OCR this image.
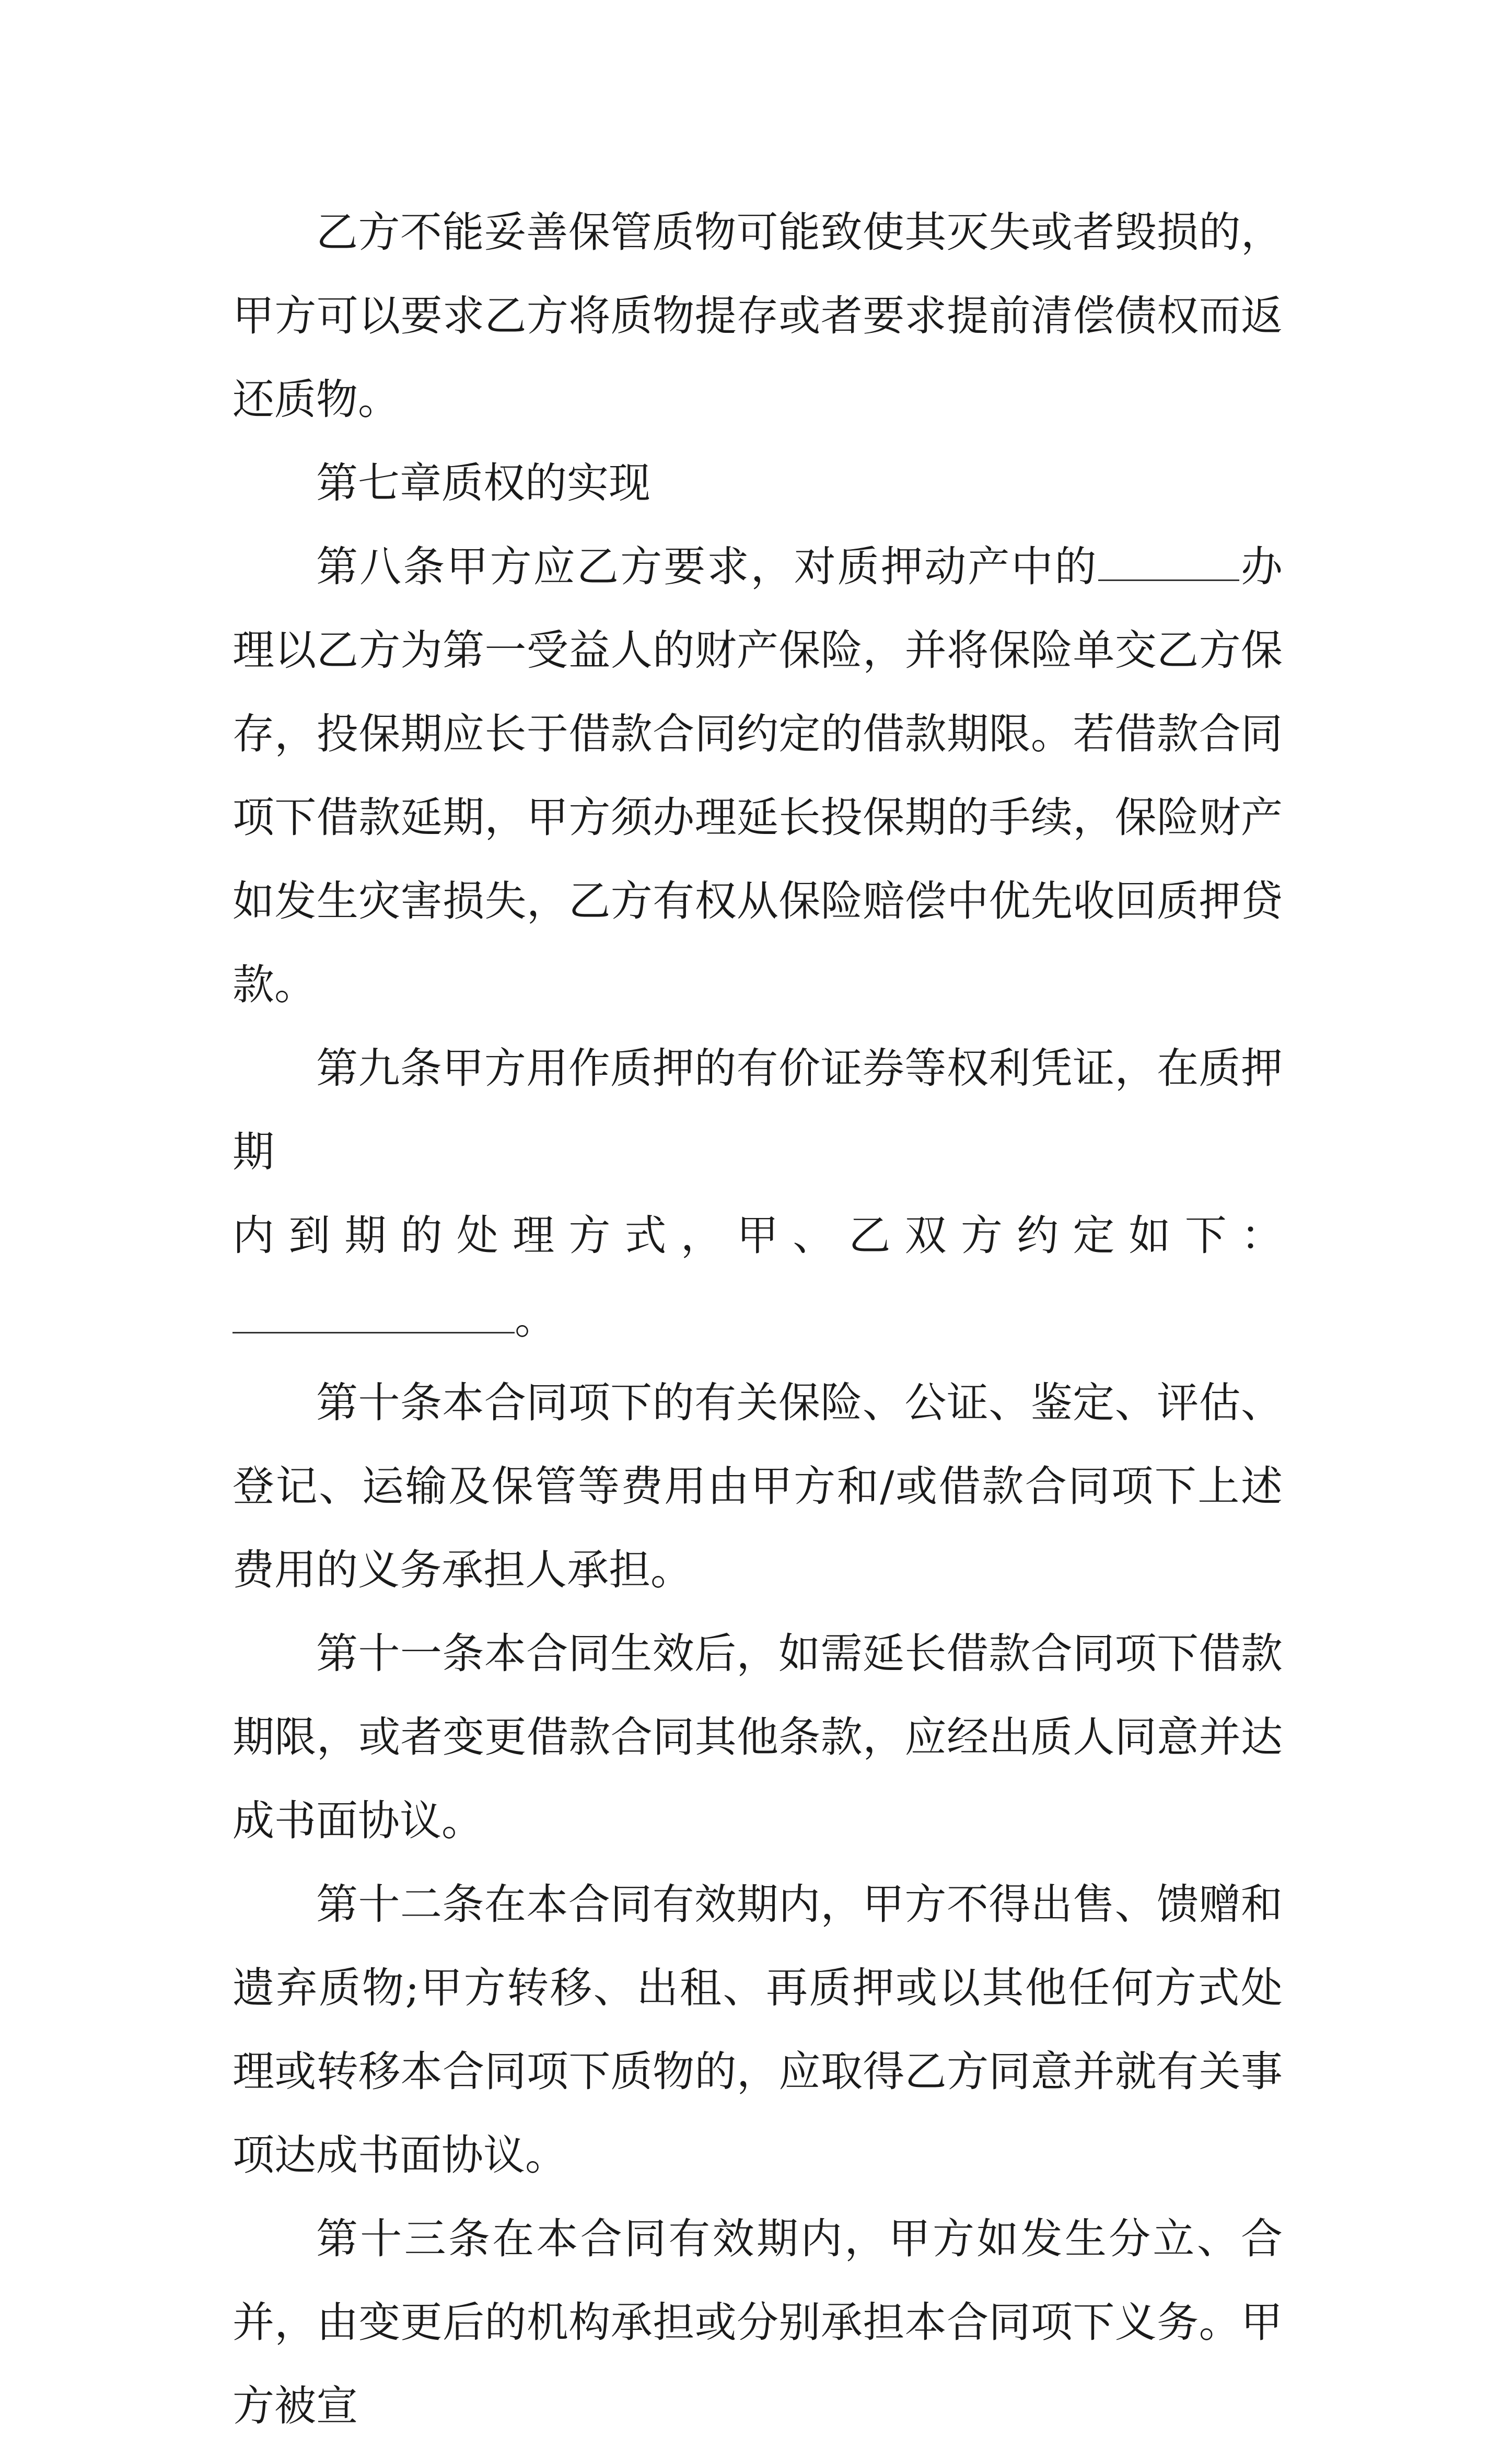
乙方不能妥善保管质物可能致使其灭失或者毁损的，甲方可以要求乙方将质物提存或者要求提前清偿债权而返还质物。

第七章质权的实现

第八条甲方应乙方要求，对质押动产中的	办理以乙方为第一受益人的财产保险，并将保险单交乙方保存，投保期应长于借款合同约定的借款期限。若借款合同项下借款延期，甲方须办理延长投保期的手续，保险财产如发生灾害损失，乙方有权从保险赔偿中优先收回质押贷款。

第九条甲方用作质押的有价证券等权利凭证，在质押期

内到期的处理方式，甲、乙双方约定如下：
。

第十条本合同项下的有关保险、公证、鉴定、评估、登记、运输及保管等费用由甲方和/或借款合同项下上述费用的义务承担人承担。

第十一条本合同生效后，如需延长借款合同项下借款期限，或者变更借款合同其他条款，应经出质人同意并达成书面协议。

第十二条在本合同有效期内，甲方不得出售、馈赠和遗弃质物;甲方转移、出租、再质押或以其他任何方式处理或转移本合同项下质物的，应取得乙方同意并就有关事项达成书面协议。

第十三条在本合同有效期内，甲方如发生分立、合并，由变更后的机构承担或分别承担本合同项下义务。甲方被宣
